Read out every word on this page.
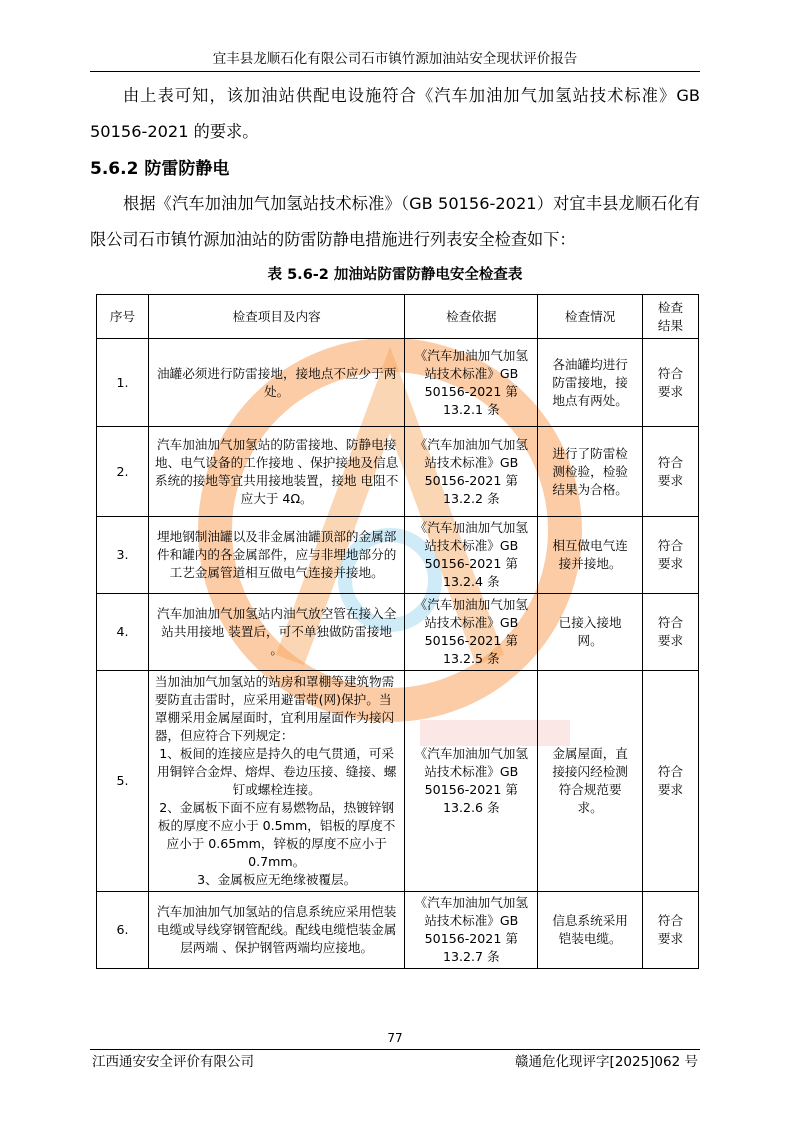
宜丰县龙顺石化有限公司石市镇竹源加油站安全现状评价报告
由上表可知，该加油站供配电设施符合《汽车加油加气加氢站技术标准》GB 50156-2021 的要求。
5.6.2 防雷防静电
根据《汽车加油加气加氢站技术标准》（GB 50156-2021）对宜丰县龙顺石化有限公司石市镇竹源加油站的防雷防静电措施进行列表安全检查如下：
表 5.6-2 加油站防雷防静电安全检查表
序号	检查项目及内容	检查依据	检查情况	检查结果
1.	油罐必须进行防雷接地，接地点不应少于两处。	《汽车加油加气加氢站技术标准》GB 50156-2021 第 13.2.1 条	各油罐均进行防雷接地，接地点有两处。	符合要求
2.	汽车加油加气加氢站的防雷接地、防静电接地、电气设备的工作接地 、保护接地及信息系统的接地等宜共用接地装置，接地 电阻不应大于 4Ω。	《汽车加油加气加氢站技术标准》GB 50156-2021 第 13.2.2 条	进行了防雷检测检验，检验结果为合格。	符合要求
3.	埋地钢制油罐以及非金属油罐顶部的金属部件和罐内的各金属部件，应与非埋地部分的工艺金属管道相互做电气连接并接地。	《汽车加油加气加氢站技术标准》GB 50156-2021 第 13.2.4 条	相互做电气连接并接地。	符合要求
4.	汽车加油加气加氢站内油气放空管在接入全站共用接地 装置后，可不单独做防雷接地 。	《汽车加油加气加氢站技术标准》GB 50156-2021 第 13.2.5 条	已接入接地网。	符合要求
5.	当加油加气加氢站的站房和罩棚等建筑物需要防直击雷时，应采用避雷带(网)保护。当罩棚采用金属屋面时，宜利用屋面作为接闪器，但应符合下列规定：
1、板间的连接应是持久的电气贯通，可采用铜锌合金焊、熔焊、卷边压接、缝接、螺钉或螺栓连接。
2、金属板下面不应有易燃物品，热镀锌钢板的厚度不应小于 0.5mm，铝板的厚度不应小于 0.65mm，锌板的厚度不应小于 0.7mm。
3、金属板应无绝缘被覆层。	《汽车加油加气加氢站技术标准》GB 50156-2021 第 13.2.6 条	金属屋面，直接接闪经检测符合规范要求。	符合要求
6.	汽车加油加气加氢站的信息系统应采用恺装电缆或导线穿钢管配线。配线电缆恺装金属层两端 、保护钢管两端均应接地。	《汽车加油加气加氢站技术标准》GB 50156-2021 第 13.2.7 条	信息系统采用铠装电缆。	符合要求
77
江西通安安全评价有限公司	赣通危化现评字[2025]062 号
